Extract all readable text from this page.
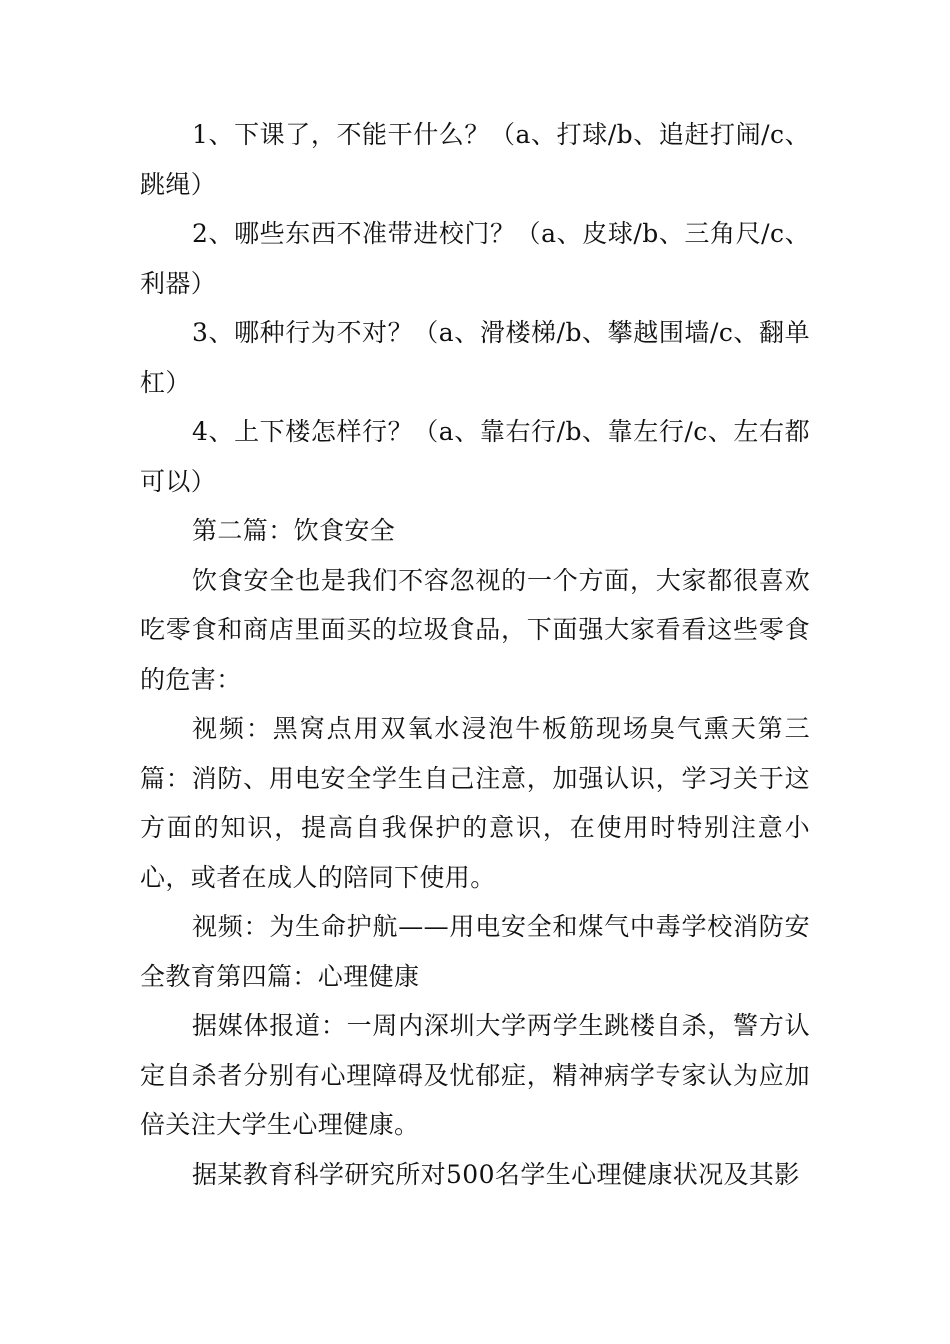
1、下课了，不能干什么？（a、打球/b、追赶打闹/c、跳绳）

2、哪些东西不准带进校门？（a、皮球/b、三角尺/c、利器）

3、哪种行为不对？（a、滑楼梯/b、攀越围墙/c、翻单杠）

4、上下楼怎样行？（a、靠右行/b、靠左行/c、左右都可以）

第二篇：饮食安全

饮食安全也是我们不容忽视的一个方面，大家都很喜欢吃零食和商店里面买的垃圾食品，下面强大家看看这些零食的危害：

视频：黑窝点用双氧水浸泡牛板筋现场臭气熏天第三篇：消防、用电安全学生自己注意，加强认识，学习关于这方面的知识，提高自我保护的意识，在使用时特别注意小心，或者在成人的陪同下使用。

视频：为生命护航——用电安全和煤气中毒学校消防安全教育第四篇：心理健康

据媒体报道：一周内深圳大学两学生跳楼自杀，警方认定自杀者分别有心理障碍及忧郁症，精神病学专家认为应加倍关注大学生心理健康。

据某教育科学研究所对500名学生心理健康状况及其影
